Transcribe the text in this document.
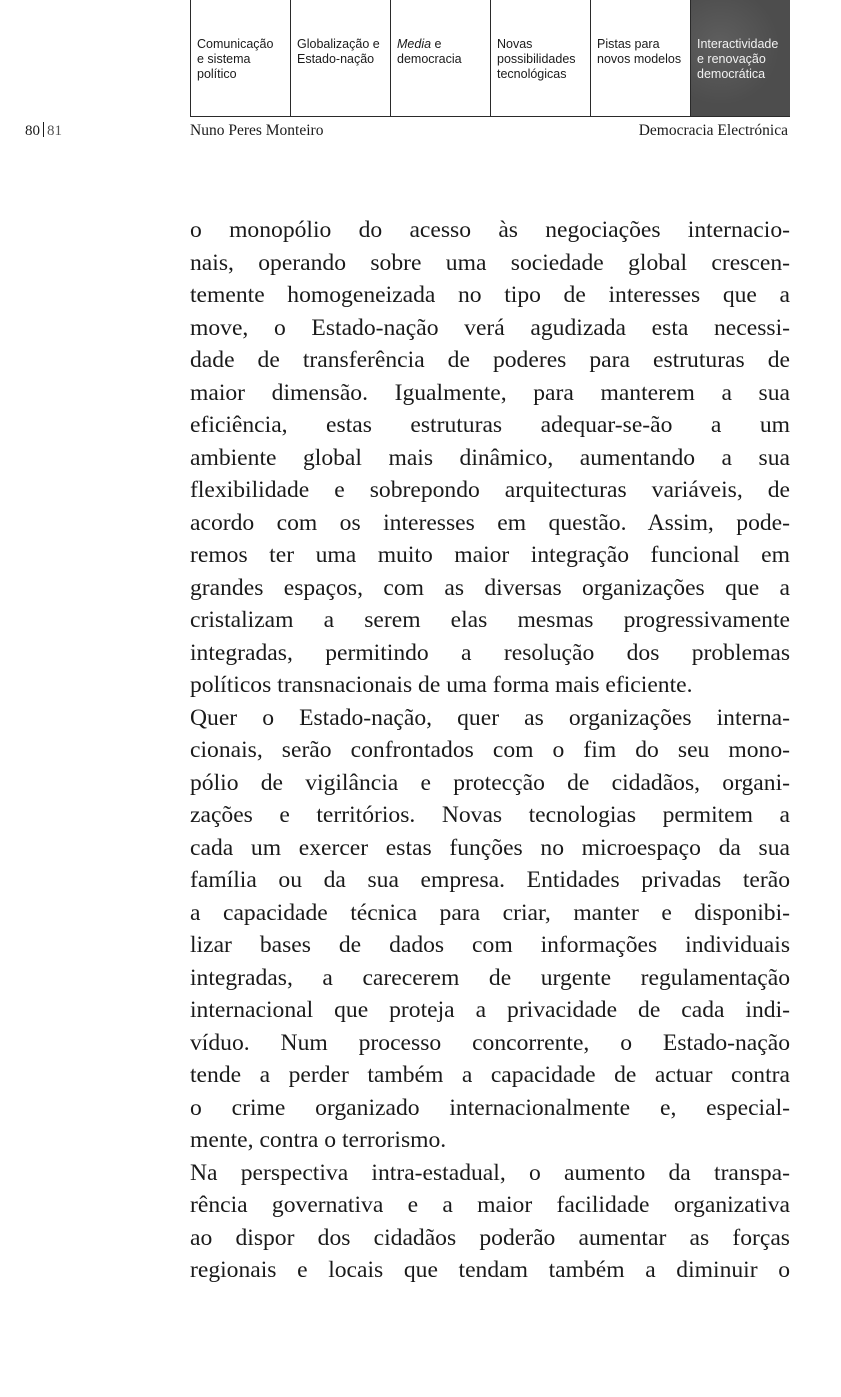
Comunicação
e sistema
político
Globalização e
Estado-nação
Media e
democracia
Novas
possibilidades
tecnológicas
Pistas para
novos modelos
Interactividade
e renovação
democrática
80 81	Nuno Peres Monteiro	Democracia Electrónica
o monopólio do acesso às negociações internacio-
nais, operando sobre uma sociedade global crescen-
temente homogeneizada no tipo de interesses que a
move, o Estado-nação verá agudizada esta necessi-
dade de transferência de poderes para estruturas de
maior dimensão. Igualmente, para manterem a sua
eficiência, estas estruturas adequar-se-ão a um
ambiente global mais dinâmico, aumentando a sua
flexibilidade e sobrepondo arquitecturas variáveis, de
acordo com os interesses em questão. Assim, pode-
remos ter uma muito maior integração funcional em
grandes espaços, com as diversas organizações que a
cristalizam a serem elas mesmas progressivamente
integradas, permitindo a resolução dos problemas
políticos transnacionais de uma forma mais eficiente.
Quer o Estado-nação, quer as organizações interna-
cionais, serão confrontados com o fim do seu mono-
pólio de vigilância e protecção de cidadãos, organi-
zações e territórios. Novas tecnologias permitem a
cada um exercer estas funções no microespaço da sua
família ou da sua empresa. Entidades privadas terão
a capacidade técnica para criar, manter e disponibi-
lizar bases de dados com informações individuais
integradas, a carecerem de urgente regulamentação
internacional que proteja a privacidade de cada indi-
víduo. Num processo concorrente, o Estado-nação
tende a perder também a capacidade de actuar contra
o crime organizado internacionalmente e, especial-
mente, contra o terrorismo.
Na perspectiva intra-estadual, o aumento da transpa-
rência governativa e a maior facilidade organizativa
ao dispor dos cidadãos poderão aumentar as forças
regionais e locais que tendam também a diminuir o
